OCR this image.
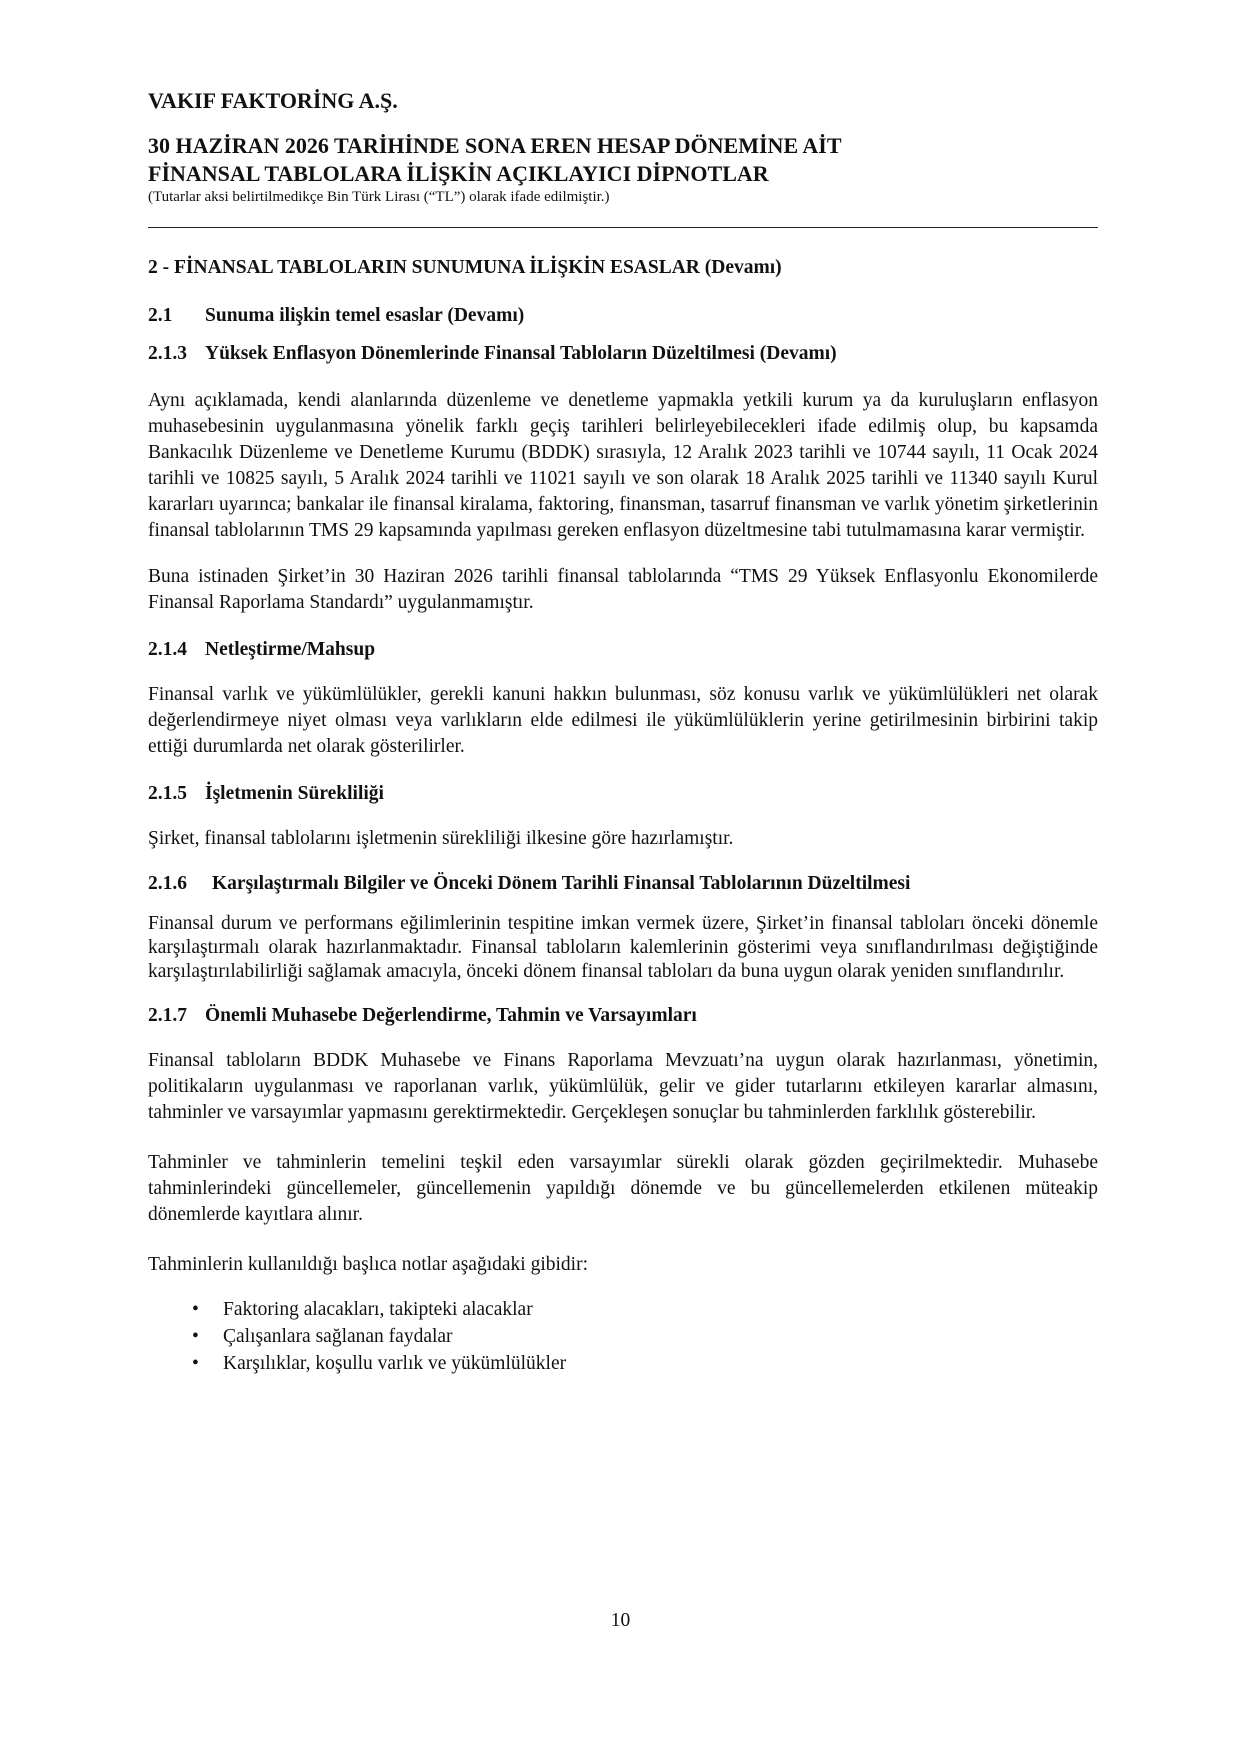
VAKIF FAKTORİNG A.Ş.
30 HAZİRAN 2026 TARİHİNDE SONA EREN HESAP DÖNEMİNE AİT
FİNANSAL TABLOLARA İLİŞKİN AÇIKLAYICI DİPNOTLAR
(Tutarlar aksi belirtilmedikçe Bin Türk Lirası (“TL”) olarak ifade edilmiştir.)
2 - FİNANSAL TABLOLARIN SUNUMUNA İLİŞKİN ESASLAR (Devamı)
2.1	Sunuma ilişkin temel esaslar (Devamı)
2.1.3 Yüksek Enflasyon Dönemlerinde Finansal Tabloların Düzeltilmesi (Devamı)

Aynı açıklamada, kendi alanlarında düzenleme ve denetleme yapmakla yetkili kurum ya da kuruluşların enflasyon muhasebesinin uygulanmasına yönelik farklı geçiş tarihleri belirleyebilecekleri ifade edilmiş olup, bu kapsamda Bankacılık Düzenleme ve Denetleme Kurumu (BDDK) sırasıyla, 12 Aralık 2023 tarihli ve 10744 sayılı, 11 Ocak 2024 tarihli ve 10825 sayılı, 5 Aralık 2024 tarihli ve 11021 sayılı ve son olarak 18 Aralık 2025 tarihli ve 11340 sayılı Kurul kararları uyarınca; bankalar ile finansal kiralama, faktoring, finansman, tasarruf finansman ve varlık yönetim şirketlerinin finansal tablolarının TMS 29 kapsamında yapılması gereken enflasyon düzeltmesine tabi tutulmamasına karar vermiştir.

Buna istinaden Şirket’in 30 Haziran 2026 tarihli finansal tablolarında “TMS 29 Yüksek Enflasyonlu Ekonomilerde Finansal Raporlama Standardı” uygulanmamıştır.

2.1.4 Netleştirme/Mahsup

Finansal varlık ve yükümlülükler, gerekli kanuni hakkın bulunması, söz konusu varlık ve yükümlülükleri net olarak değerlendirmeye niyet olması veya varlıkların elde edilmesi ile yükümlülüklerin yerine getirilmesinin birbirini takip ettiği durumlarda net olarak gösterilirler.

2.1.5 İşletmenin Sürekliliği

Şirket, finansal tablolarını işletmenin sürekliliği ilkesine göre hazırlamıştır.

2.1.6	Karşılaştırmalı Bilgiler ve Önceki Dönem Tarihli Finansal Tablolarının Düzeltilmesi

Finansal durum ve performans eğilimlerinin tespitine imkan vermek üzere, Şirket’in finansal tabloları önceki dönemle karşılaştırmalı olarak hazırlanmaktadır. Finansal tabloların kalemlerinin gösterimi veya sınıflandırılması değiştiğinde karşılaştırılabilirliği sağlamak amacıyla, önceki dönem finansal tabloları da buna uygun olarak yeniden sınıflandırılır.

2.1.7 Önemli Muhasebe Değerlendirme, Tahmin ve Varsayımları

Finansal tabloların BDDK Muhasebe ve Finans Raporlama Mevzuatı’na uygun olarak hazırlanması, yönetimin, politikaların uygulanması ve raporlanan varlık, yükümlülük, gelir ve gider tutarlarını etkileyen kararlar almasını, tahminler ve varsayımlar yapmasını gerektirmektedir. Gerçekleşen sonuçlar bu tahminlerden farklılık gösterebilir.

Tahminler ve tahminlerin temelini teşkil eden varsayımlar sürekli olarak gözden geçirilmektedir. Muhasebe tahminlerindeki güncellemeler, güncellemenin yapıldığı dönemde ve bu güncellemelerden etkilenen müteakip dönemlerde kayıtlara alınır.

Tahminlerin kullanıldığı başlıca notlar aşağıdaki gibidir:

• Faktoring alacakları, takipteki alacaklar
• Çalışanlara sağlanan faydalar
• Karşılıklar, koşullu varlık ve yükümlülükler
10
